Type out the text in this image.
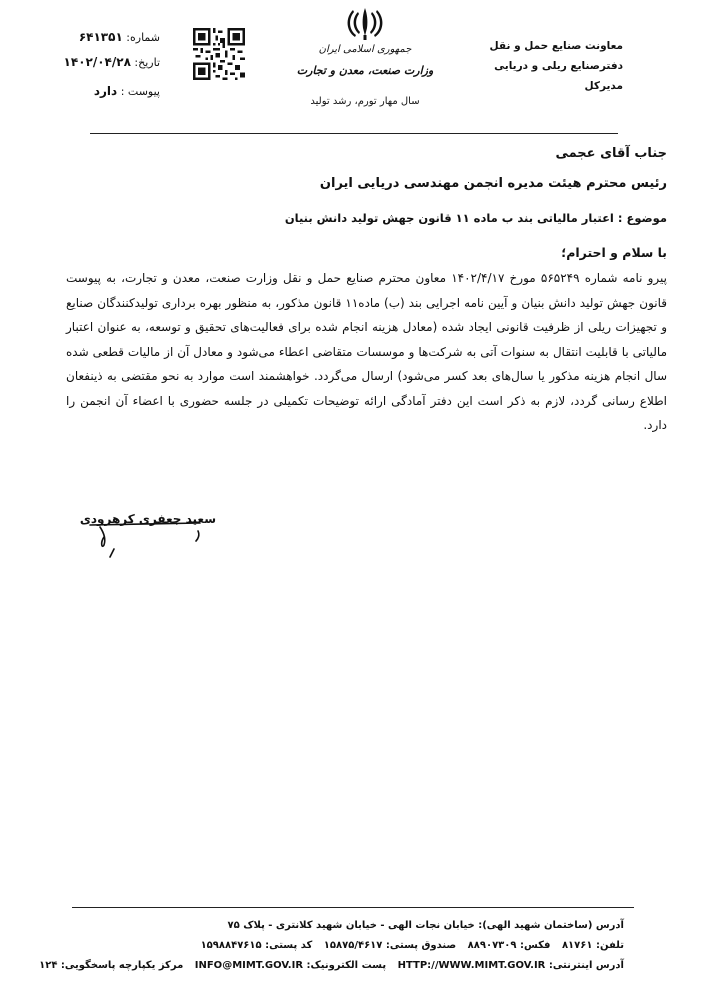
معاونت صنایع حمل و نقل
دفترصنایع ریلی و دریایی
مدیرکل
جمهوری اسلامی ایران
وزارت صنعت، معدن و تجارت
سال مهار تورم، رشد تولید
شماره: ۶۴۱۳۵۱
تاریخ: ۱۴۰۲/۰۴/۲۸
پیوست : دارد
جناب آقای عجمی
رئیس محترم هیئت مدیره انجمن مهندسی دریایی ایران
موضوع : اعتبار مالیاتی بند ب ماده ۱۱ قانون جهش تولید دانش بنیان
با سلام و احترام؛
پیرو نامه شماره ۵۶۵۲۴۹ مورخ ۱۴۰۲/۴/۱۷ معاون محترم صنایع حمل و نقل وزارت صنعت، معدن و تجارت، به پیوست قانون جهش تولید دانش بنیان و آیین نامه اجرایی بند (ب) ماده۱۱ قانون مذکور، به منظور بهره برداری تولیدکنندگان صنایع و تجهیزات ریلی از ظرفیت قانونی ایجاد شده (معادل هزینه انجام شده برای فعالیت‌های تحقیق و توسعه، به عنوان اعتبار مالیاتی با قابلیت انتقال به سنوات آتی به شرکت‌ها و موسسات متقاضی اعطاء می‌شود و معادل آن از مالیات قطعی شده سال انجام هزینه مذکور یا سال‌های بعد کسر می‌شود) ارسال می‌گردد. خواهشمند است موارد به نحو مقتضی به ذینفعان اطلاع رسانی گردد، لازم به ذکر است این دفتر آمادگی ارائه توضیحات تکمیلی در جلسه حضوری با اعضاء آن انجمن را دارد.
سعید جعفری کرهرودی
آدرس (ساختمان شهید الهی): خیابان نجات الهی - خیابان شهید کلانتری - پلاک ۷۵
تلفن: ۸۱۷۶۱ فکس: ۸۸۹۰۷۳۰۹ صندوق پستی: ۱۵۸۷۵/۴۶۱۷ کد پستی: ۱۵۹۸۸۴۷۶۱۵
آدرس اینترنتی: HTTP://WWW.MIMT.GOV.IR پست الکترونیک: INFO@MIMT.GOV.IR مرکز یکپارچه پاسخگویی: ۱۲۴
